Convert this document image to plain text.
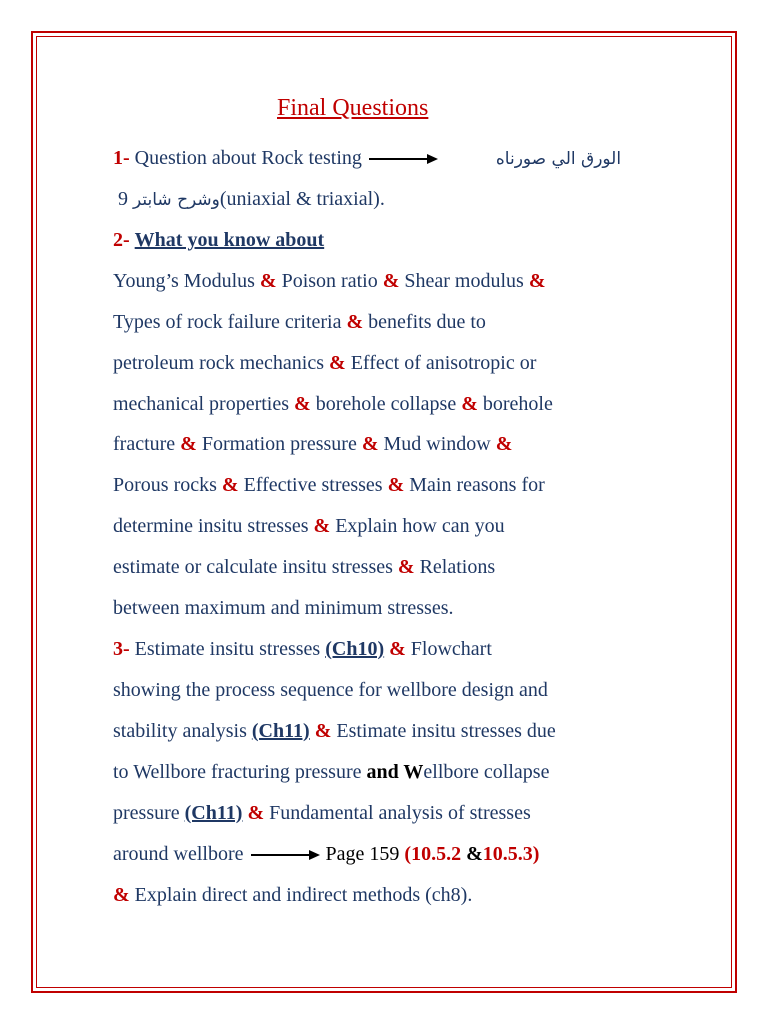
Final Questions
1- Question about Rock testing	الورق الي صورناه
9 وشرح شابتر(uniaxial & triaxial).
2- What you know about
Young’s Modulus & Poison ratio & Shear modulus &
Types of rock failure criteria & benefits due to
petroleum rock mechanics & Effect of anisotropic or
mechanical properties & borehole collapse & borehole
fracture & Formation pressure & Mud window &
Porous rocks & Effective stresses & Main reasons for
determine insitu stresses & Explain how can you
estimate or calculate insitu stresses & Relations
between maximum and minimum stresses.
3- Estimate insitu stresses (Ch10) & Flowchart
showing the process sequence for wellbore design and
stability analysis (Ch11) & Estimate insitu stresses due
to Wellbore fracturing pressure and Wellbore collapse
pressure (Ch11) & Fundamental analysis of stresses
around wellbore	Page 159 (10.5.2 &10.5.3)
& Explain direct and indirect methods (ch8).
